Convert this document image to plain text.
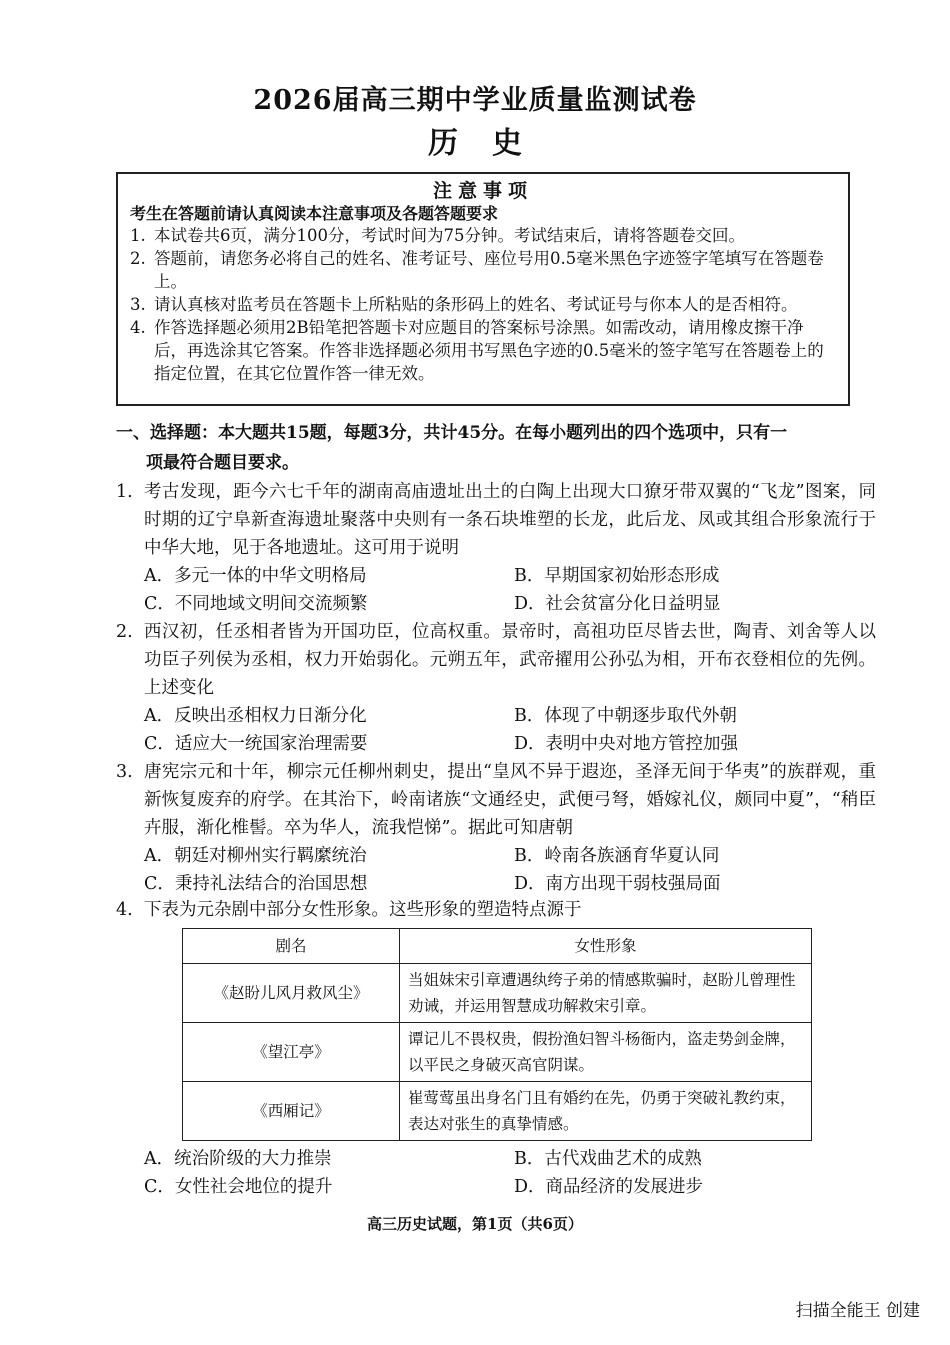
2026届高三期中学业质量监测试卷
历史
注意事项
考生在答题前请认真阅读本注意事项及各题答题要求
1. 本试卷共6页，满分100分，考试时间为75分钟。考试结束后，请将答题卷交回。
2. 答题前，请您务必将自己的姓名、准考证号、座位号用0.5毫米黑色字迹签字笔填写在答题卷上。
3. 请认真核对监考员在答题卡上所粘贴的条形码上的姓名、考试证号与你本人的是否相符。
4. 作答选择题必须用2B铅笔把答题卡对应题目的答案标号涂黑。如需改动，请用橡皮擦干净后，再选涂其它答案。作答非选择题必须用书写黑色字迹的0.5毫米的签字笔写在答题卷上的指定位置，在其它位置作答一律无效。
一、选择题：本大题共15题，每题3分，共计45分。在每小题列出的四个选项中，只有一
项最符合题目要求。
1. 考古发现，距今六七千年的湖南高庙遗址出土的白陶上出现大口獠牙带双翼的“飞龙”图案，同时期的辽宁阜新查海遗址聚落中央则有一条石块堆塑的长龙，此后龙、凤或其组合形象流行于中华大地，见于各地遗址。这可用于说明
A．多元一体的中华文明格局	B．早期国家初始形态形成
C．不同地域文明间交流频繁	D．社会贫富分化日益明显
2. 西汉初，任丞相者皆为开国功臣，位高权重。景帝时，高祖功臣尽皆去世，陶青、刘舍等人以功臣子列侯为丞相，权力开始弱化。元朔五年，武帝擢用公孙弘为相，开布衣登相位的先例。上述变化
A．反映出丞相权力日渐分化	B．体现了中朝逐步取代外朝
C．适应大一统国家治理需要	D．表明中央对地方管控加强
3. 唐宪宗元和十年，柳宗元任柳州刺史，提出“皇风不异于遐迩，圣泽无间于华夷”的族群观，重新恢复废弃的府学。在其治下，岭南诸族“文通经史，武便弓弩，婚嫁礼仪，颇同中夏”，“稍臣卉服，渐化椎髻。卒为华人，流我恺悌”。据此可知唐朝
A．朝廷对柳州实行羁縻统治	B．岭南各族涵育华夏认同
C．秉持礼法结合的治国思想	D．南方出现干弱枝强局面
4. 下表为元杂剧中部分女性形象。这些形象的塑造特点源于
剧名	女性形象
《赵盼儿风月救风尘》	当姐妹宋引章遭遇纨绔子弟的情感欺骗时，赵盼儿曾理性劝诫，并运用智慧成功解救宋引章。
《望江亭》	谭记儿不畏权贵，假扮渔妇智斗杨衙内，盗走势剑金牌，以平民之身破灭高官阴谋。
《西厢记》	崔莺莺虽出身名门且有婚约在先，仍勇于突破礼教约束，表达对张生的真挚情感。
A．统治阶级的大力推崇	B．古代戏曲艺术的成熟
C．女性社会地位的提升	D．商品经济的发展进步
高三历史试题，第1页（共6页）
扫描全能王 创建
